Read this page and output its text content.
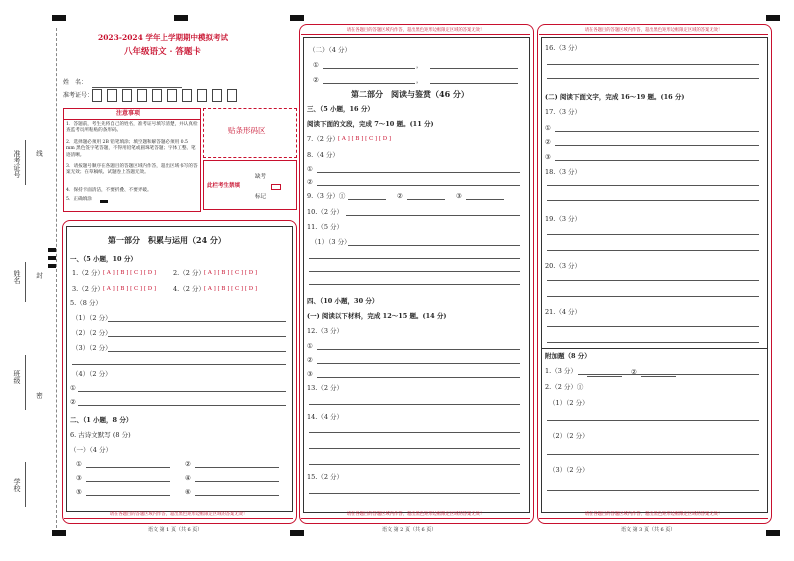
准考证号 线
姓名 封
班级
密
学校
2023-2024 学年上学期期中模拟考试
八年级语文 · 答题卡
姓　名：
准考证号：
注意事项
1．答题前，考生先将自己的姓名，准考证号填写清楚，并认真检查监考员所粘贴的条形码。
2．选择题必须用 2B 铅笔填涂；填空题和解答题必须用 0.5 mm 黑色签字笔答题，不得用铅笔或圆珠笔答题；字体工整、笔迹清晰。
3．请按题号顺序在各题目的答题区域内作答，超出区域书写的答案无效；在草稿纸、试题卷上答题无效。
4．保持卡面清洁，不要折叠、不要弄破。
5．正确填涂
贴条形码区
此栏考生禁填
缺考
标记
第一部分　积累与运用（24 分）
一、（5 小题，10 分）
1.（2 分） [ A ] [ B ] [ C ] [ D ]	2.（2 分） [ A ] [ B ] [ C ] [ D ]
3.（2 分） [ A ] [ B ] [ C ] [ D ]	4.（2 分） [ A ] [ B ] [ C ] [ D ]
5.（8 分）
（1）（2 分）
（2）（2 分）
（3）（2 分）
（4）（2 分）
①
②
二、（1 小题，8 分）
6. 古诗文默写 (8 分)
（一）（4 分）
①	②
③	④
⑤	⑥
请在各题目的答题区域内作答，超出黑色矩形边框限定区域的答案无效！
语文 第 1 页（共 6 页）
请在各题目的答题区域内作答，超出黑色矩形边框限定区域的答案无效！
（二）（4 分）
①	，
②	，
第二部分　阅读与鉴赏（46 分）
三、（5 小题，16 分）
阅读下面的文段，完成 7～10 题。(11 分)
7.（2 分） [ A ] [ B ] [ C ] [ D ]
8.（4 分）
①
②
9.（3 分）①	②	③
10.（2 分）
11.（5 分）
（1）（3 分）
四、（10 小题，30 分）
(一) 阅读以下材料，完成 12～15 题。(14 分)
12.（3 分）
①
②
③
13.（2 分）
14.（4 分）
15.（2 分）
请在各题目的答题区域内作答，超出黑色矩形边框限定区域的答案无效！
语文 第 2 页（共 6 页）
请在各题目的答题区域内作答，超出黑色矩形边框限定区域的答案无效！
16.（3 分）
(二) 阅读下面文字，完成 16～19 题。(16 分)
17.（3 分）
①
②
③
18.（3 分）
19.（3 分）
20.（3 分）
21.（4 分）
附加题（8 分）
1.（3 分）
2.（2 分）①
②
（1）（2 分）
（2）（2 分）
（3）（2 分）
请在各题目的答题区域内作答，超出黑色矩形边框限定区域的答案无效！
语文 第 3 页（共 6 页）
